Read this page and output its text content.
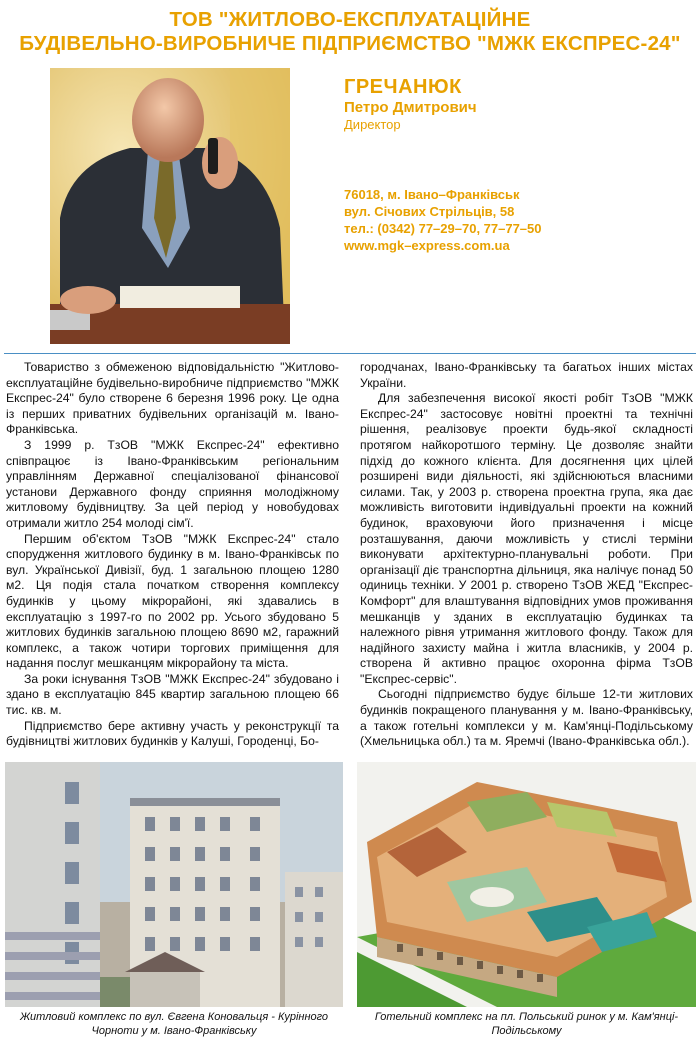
ТОВ "ЖИТЛОВО-ЕКСПЛУАТАЦІЙНЕ
БУДІВЕЛЬНО-ВИРОБНИЧЕ ПІДПРИЄМСТВО "МЖК ЕКСПРЕС-24"
ГРЕЧАНЮК
Петро Дмитрович
Директор
76018, м. Івано–Франківськ
вул. Січових Стрільців, 58
тел.: (0342) 77–29–70, 77–77–50
www.mgk–express.com.ua

Товариство з обмеженою відповідальністю "Житлово-експлуатаційне будівельно-виробниче підприємство "МЖК Експрес-24" було створене 6 березня 1996 року. Це одна із перших приватних будівельних організацій м. Івано-Франківська.

З 1999 р. ТзОВ "МЖК Експрес-24" ефективно співпрацює із Івано-Франківським регіональним управлінням Державної спеціалізованої фінансової установи Державного фонду сприяння молодіжному житловому будівництву. За цей період у новобудовах отримали житло 254 молоді сім'ї.

Першим об'єктом ТзОВ "МЖК Експрес-24" стало спорудження житлового будинку в м. Івано-Франківськ по вул. Української Дивізії, буд. 1 загальною площею 1280 м2. Ця подія стала початком створення комплексу будинків у цьому мікрорайоні, які здавались в експлуатацію з 1997-го по 2002 рр. Усього збудовано 5 житлових будинків загальною площею 8690 м2, гаражний комплекс, а також чотири торгових приміщення для надання послуг мешканцям мікрорайону та міста.

За роки існування ТзОВ "МЖК Експрес-24" збудовано і здано в експлуатацію 845 квартир загальною площею 66 тис. кв. м.

Підприємство бере активну участь у реконструкції та будівництві житлових будинків у Калуші, Городенці, Бо-

городчанах, Івано-Франківську та багатьох інших містах України.

Для забезпечення високої якості робіт ТзОВ "МЖК Експрес-24" застосовує новітні проектні та технічні рішення, реалізовує проекти будь-якої складності протягом найкоротшого терміну. Це дозволяє знайти підхід до кожного клієнта. Для досягнення цих цілей розширені види діяльності, які здійснюються власними силами. Так, у 2003 р. створена проектна група, яка дає можливість виготовити індивідуальні проекти на кожний будинок, враховуючи його призначення і місце розташування, даючи можливість у стислі терміни виконувати архітектурно-планувальні роботи. При організації діє транспортна дільниця, яка налічує понад 50 одиниць техніки. У 2001 р. створено ТзОВ ЖЕД "Експрес-Комфорт" для влаштування відповідних умов проживання мешканців у зданих в експлуатацію будинках та належного рівня утримання житлового фонду. Також для надійного захисту майна і житла власників, у 2004 р. створена й активно працює охоронна фірма ТзОВ "Експрес-сервіс".

Сьогодні підприємство будує більше 12-ти житлових будинків покращеного планування у м. Івано-Франківську, а також готельні комплекси у м. Кам'янці-Подільському (Хмельницька обл.) та м. Яремчі (Івано-Франківська обл.).

Житловий комплекс по вул. Євгена Коновальця - Курінного Чорноти у м. Івано-Франківську
Готельний комплекс на пл. Польський ринок у м. Кам'янці-Подільському
